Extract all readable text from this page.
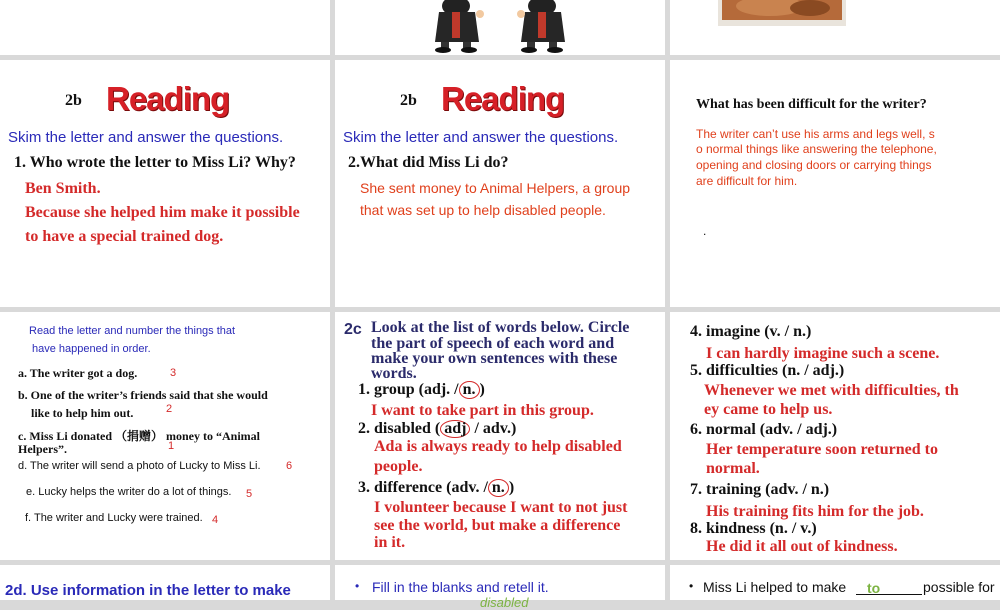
2b Reading
Skim the letter and answer the questions.
1. Who wrote the letter to Miss Li? Why?
Ben Smith.
Because she helped him make it possible
to have a special trained dog.
2b Reading
Skim the letter and answer the questions.
2.What did Miss Li do?
She sent money to Animal Helpers, a group
that was set up to help disabled people.
What has been difficult for the writer?
The writer can’t use his arms and legs well, s
o normal things like answering the telephone,
opening and closing doors or carrying things
are difficult for him.
.
Read the letter and number the things that
have happened in order.
a. The writer got a dog.	3
b. One of the writer’s friends said that she would
like to help him out.	2
c. Miss Li donated （捐赠） money to “Animal
Helpers”.	1
d. The writer will send a photo of Lucky to Miss Li. 6
e. Lucky helps the writer do a lot of things. 5
f. The writer and Lucky were trained. 4
2c Look at the list of words below. Circle
the part of speech of each word and
make your own sentences with these
words.
1. group (adj. / n. )
I want to take part in this group.
2. disabled ( adj / adv.)
Ada is always ready to help disabled
people.
3. difference (adv. / n. )
I volunteer because I want to not just
see the world, but make a difference
in it.
4. imagine (v. / n.)
I can hardly imagine such a scene.
5. difficulties (n. / adj.)
Whenever we met with difficulties, th
ey came to help us.
6. normal (adv. / adj.)
Her temperature soon returned to
normal.
7. training (adv. / n.)
His training fits him for the job.
8. kindness (n. / v.)
He did it all out of kindness.
2d. Use information in the letter to make	• Fill in the blanks and retell it.
disabled
• Miss Li helped to make to	possible for
